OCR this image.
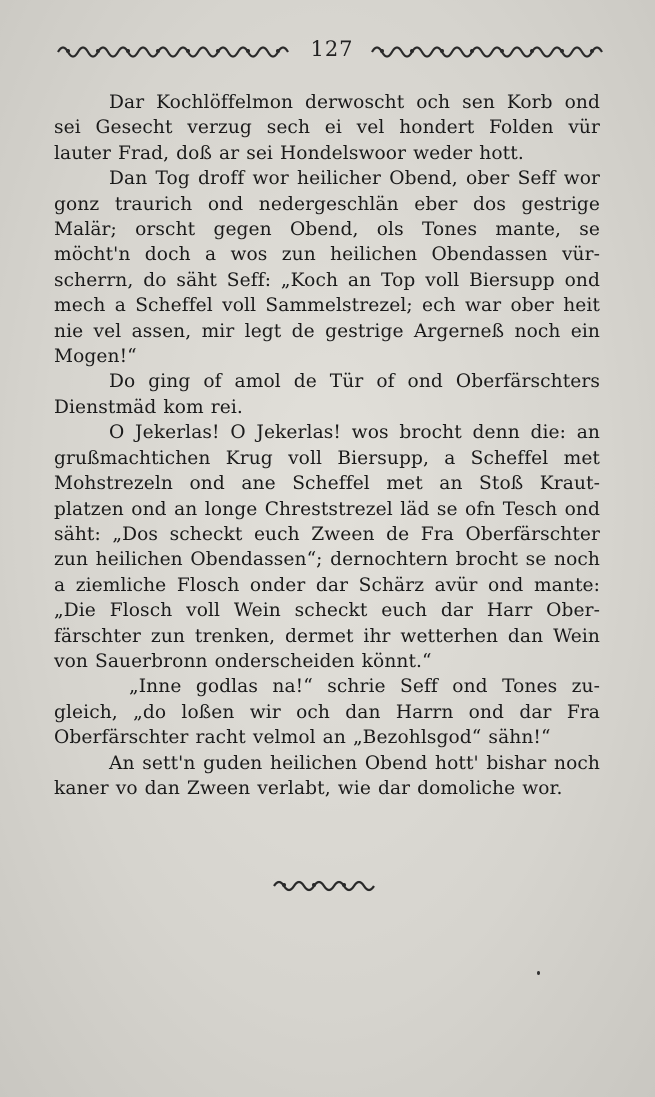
127

Dar Kochlöffelmon derwoscht och sen Korb ond sei Gesecht verzug sech ei vel hondert Folden vür lauter Frad, doß ar sei Hondelswoor weder hott.

Dan Tog droff wor heilicher Obend, ober Seff wor gonz traurich ond nedergeschlän eber dos gestrige Malär; orscht gegen Obend, ols Tones mante, se möcht'n doch a wos zun heilichen Obendassen vür-scherrn, do säht Seff: „Koch an Top voll Biersupp ond mech a Scheffel voll Sammelstrezel; ech war ober heit nie vel assen, mir legt de gestrige Argerneß noch ein Mogen!“

Do ging of amol de Tür of ond Oberfärschters Dienstmäd kom rei.

O Jekerlas! O Jekerlas! wos brocht denn die: an grußmachtichen Krug voll Biersupp, a Scheffel met Mohstrezeln ond ane Scheffel met an Stoß Kraut-platzen ond an longe Chreststrezel läd se ofn Tesch ond säht: „Dos scheckt euch Zween de Fra Oberfärschter zun heilichen Obendassen“; dernochtern brocht se noch a ziemliche Flosch onder dar Schärz avür ond mante: „Die Flosch voll Wein scheckt euch dar Harr Ober-färschter zun trenken, dermet ihr wetterhen dan Wein von Sauerbronn onderscheiden könnt.“

„Inne godlas na!“ schrie Seff ond Tones zu-gleich, „do loßen wir och dan Harrn ond dar Fra Oberfärschter racht velmol an „Bezohlsgod“ sähn!“

An sett'n guden heilichen Obend hott' bishar noch kaner vo dan Zween verlabt, wie dar domoliche wor.
